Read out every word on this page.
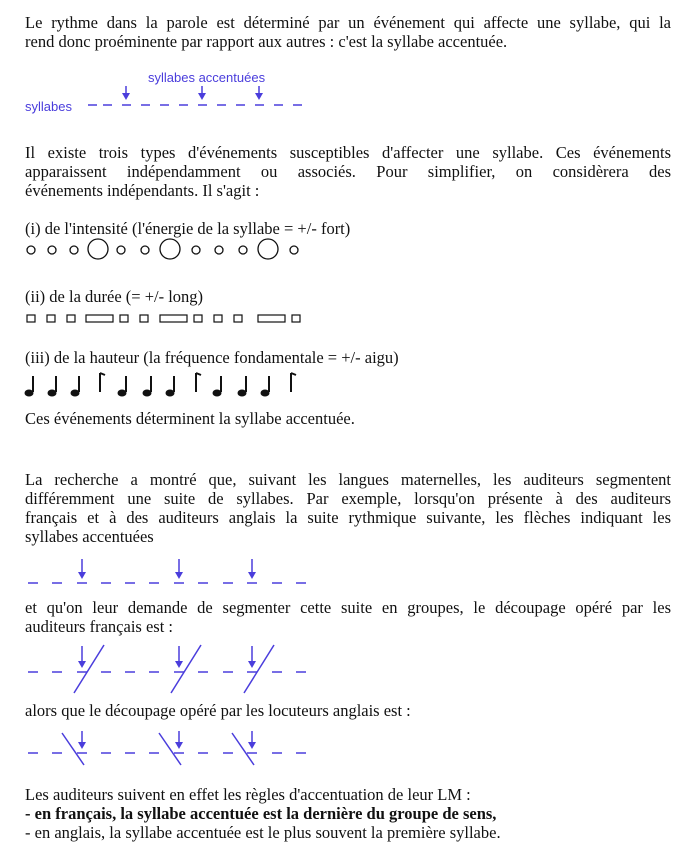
Le rythme dans la parole est déterminé par un événement qui affecte une syllabe, qui la
rend donc proéminente par rapport aux autres : c'est la syllabe accentuée.
syllabes accentuées
syllabes
Il existe trois types d'événements susceptibles d'affecter une syllabe. Ces événements
apparaissent indépendamment ou associés. Pour simplifier, on considèrera des
événements indépendants. Il s'agit :
(i) de l'intensité (l'énergie de la syllabe = +/- fort)
(ii) de la durée (= +/- long)
(iii) de la hauteur (la fréquence fondamentale = +/- aigu)
Ces événements déterminent la syllabe accentuée.
La recherche a montré que, suivant les langues maternelles, les auditeurs segmentent
différemment une suite de syllabes. Par exemple, lorsqu'on présente à des auditeurs
français et à des auditeurs anglais la suite rythmique suivante, les flèches indiquant les
syllabes accentuées
et qu'on leur demande de segmenter cette suite en groupes, le découpage opéré par les
auditeurs français est :
alors que le découpage opéré par les locuteurs anglais est :
Les auditeurs suivent en effet les règles d'accentuation de leur LM :
- en français, la syllabe accentuée est la dernière du groupe de sens,
- en anglais, la syllabe accentuée est le plus souvent la première syllabe.
